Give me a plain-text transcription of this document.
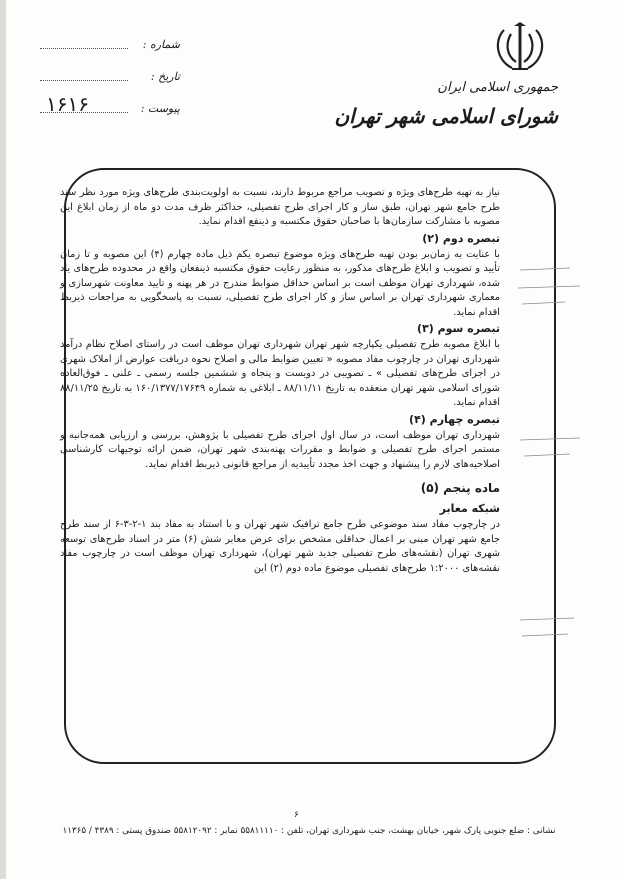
شماره :
تاریخ :
پیوست :
۱۶۱۶
جمهوری اسلامی ایران
شورای اسلامی شهر تهران

نیاز به تهیه طرح‌های ویژه و تصویب مراجع مربوط دارند، نسبت به اولویت‌بندی طرح‌های ویژه مورد نظر سند طرح جامع شهر تهران، طبق ساز و کار اجرای طرح تفصیلی، حداکثر ظرف مدت دو ماه از زمان ابلاغ این مصوبه با مشارکت سازمان‌ها با صاحبان حقوق مکتسبه و ذینفع اقدام نماید.

تبصره دوم (۲)

با عنایت به زمان‌بر بودن تهیه طرح‌های ویژه موضوع تبصره یکم ذیل ماده چهارم (۴) این مصوبه و تا زمان تأیید و تصویب و ابلاغ طرح‌های مذکور، به منظور رعایت حقوق مکتسبه ذینفعان واقع در محدوده طرح‌های یاد شده، شهرداری تهران موظف است بر اساس حداقل ضوابط مندرج در هر پهنه و تایید معاونت شهرسازی و معماری شهرداری تهران بر اساس ساز و کار اجرای طرح تفصیلی، نسبت به پاسخگویی به مراجعات ذیربط اقدام نماید.

تبصره سوم (۳)

با ابلاغ مصوبه طرح تفصیلی یکپارچه شهر تهران شهرداری تهران موظف است در راستای اصلاح نظام درآمد شهرداری تهران در چارچوب مفاد مصوبه « تعیین ضوابط مالی و اصلاح نحوه دریافت عوارض از املاک شهری در اجرای طرح‌های تفصیلی » ـ تصویبی در دویست و پنجاه و ششمین جلسه رسمی ـ علنی ـ فوق‌العاده شورای اسلامی شهر تهران منعقده به تاریخ ۸۸/۱۱/۱۱ ـ ابلاغی به شماره ۱۶۰/۱۳۷۷/۱۷۶۴۹ به تاریخ ۸۸/۱۱/۲۵ اقدام نماید.

تبصره چهارم (۴)

شهرداری تهران موظف است، در سال اول اجرای طرح تفصیلی با پژوهش، بررسی و ارزیابی همه‌جانبه و مستمر اجرای طرح تفصیلی و ضوابط و مقررات پهنه‌بندی شهر تهران، ضمن ارائه توجیهات کارشناسی اصلاحیه‌های لازم را پیشنهاد و جهت اخذ مجدد تأییدیه از مراجع قانونی ذیربط اقدام نماید.

ماده پنجم (۵)
شبکه معابر

در چارچوب مفاد سند موضوعی طرح جامع ترافیک شهر تهران و با استناد به مفاد بند ۱-۲-۳-۶ از سند طرح جامع شهر تهران مبنی بر اعمال حداقلی مشخص برای عرض معابر شش (۶) متر در اسناد طرح‌های توسعه شهری تهران (نقشه‌های طرح تفصیلی جدید شهر تهران)، شهرداری تهران موظف است در چارچوب مفاد نقشه‌های ۱:۲۰۰۰ طرح‌های تفصیلی موضوع ماده دوم (۲) این

۶
نشانی : ضلع جنوبی پارک شهر، خیابان بهشت، جنب شهرداری تهران، تلفن : ۵۵۸۱۱۱۱۰ نمابر : ۵۵۸۱۲۰۹۲ صندوق پستی : ۴۳۸۹ / ۱۱۳۶۵
